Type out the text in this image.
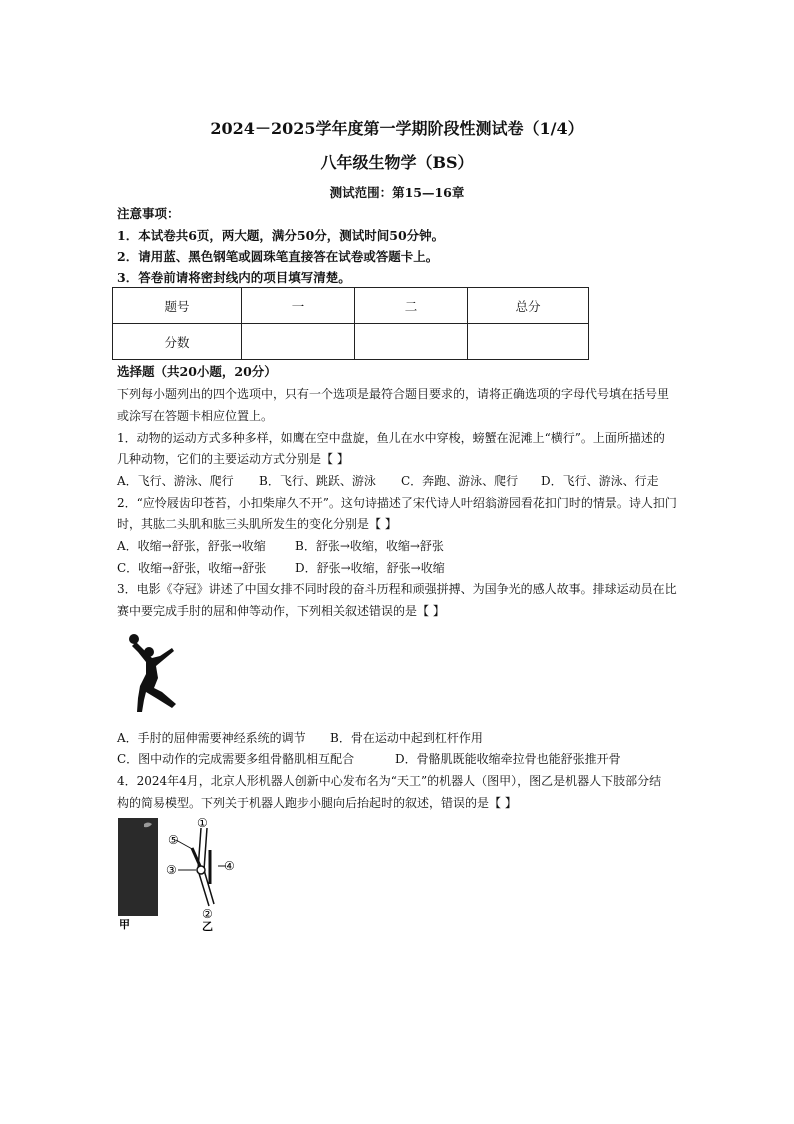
2024－2025学年度第一学期阶段性测试卷（1/4）
八年级生物学（BS）
测试范围：第15—16章
注意事项：
1．本试卷共6页，两大题，满分50分，测试时间50分钟。
2．请用蓝、黑色钢笔或圆珠笔直接答在试卷或答题卡上。
3．答卷前请将密封线内的项目填写清楚。
题号	一	二	总分
分数			
选择题（共20小题，20分）
下列每小题列出的四个选项中，只有一个选项是最符合题目要求的，请将正确选项的字母代号填在括号里
或涂写在答题卡相应位置上。
1．动物的运动方式多种多样，如鹰在空中盘旋，鱼儿在水中穿梭，螃蟹在泥滩上“横行”。上面所描述的
几种动物，它们的主要运动方式分别是【 】
A．飞行、游泳、爬行 B．飞行、跳跃、游泳 C．奔跑、游泳、爬行 D．飞行、游泳、行走
2．“应怜屐齿印苍苔，小扣柴扉久不开”。这句诗描述了宋代诗人叶绍翁游园看花扣门时的情景。诗人扣门
时，其肱二头肌和肱三头肌所发生的变化分别是【 】
A．收缩→舒张，舒张→收缩 B．舒张→收缩，收缩→舒张
C．收缩→舒张，收缩→舒张 D．舒张→收缩，舒张→收缩
3．电影《夺冠》讲述了中国女排不同时段的奋斗历程和顽强拼搏、为国争光的感人故事。排球运动员在比
赛中要完成手肘的屈和伸等动作，下列相关叙述错误的是【 】
A．手肘的屈伸需要神经系统的调节 B．骨在运动中起到杠杆作用
C．图中动作的完成需要多组骨骼肌相互配合	D．骨骼肌既能收缩牵拉骨也能舒张推开骨
4．2024年4月，北京人形机器人创新中心发布名为“天工”的机器人（图甲），图乙是机器人下肢部分结
构的简易模型。下列关于机器人跑步小腿向后抬起时的叙述，错误的是【 】
甲
①
②
③	④
⑤
乙
